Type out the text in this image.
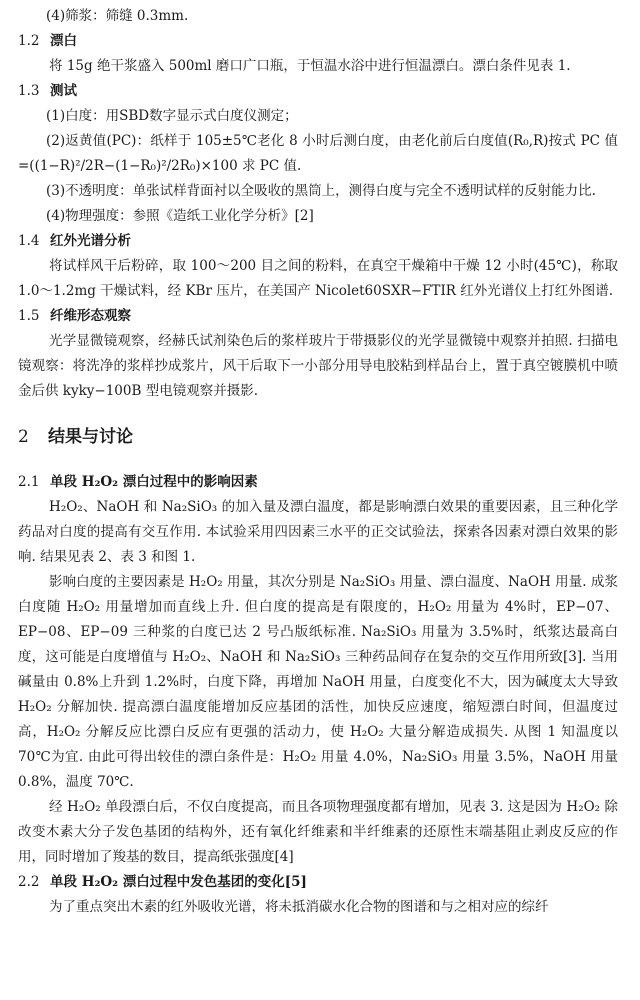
(4)筛浆：筛缝 0.3mm.

1.2 漂白

将 15g 绝干浆盛入 500ml 磨口广口瓶，于恒温水浴中进行恒温漂白。漂白条件见表 1.

1.3 测试

(1)白度：用SBD数字显示式白度仪测定；

(2)返黄值(PC)：纸样于 105±5℃老化 8 小时后测白度，由老化前后白度值(R₀,R)按式 PC 值=((1−R)²/2R−(1−R₀)²/2R₀)×100 求 PC 值.

(3)不透明度：单张试样背面衬以全吸收的黑筒上，测得白度与完全不透明试样的反射能力比.

(4)物理强度：参照《造纸工业化学分析》[2]

1.4 红外光谱分析

将试样风干后粉碎，取 100～200 目之间的粉料，在真空干燥箱中干燥 12 小时(45℃)，称取 1.0～1.2mg 干燥试料，经 KBr 压片，在美国产 Nicolet60SXR−FTIR 红外光谱仪上打红外图谱.

1.5 纤维形态观察

光学显微镜观察，经赫氏试剂染色后的浆样玻片于带摄影仪的光学显微镜中观察并拍照. 扫描电镜观察：将洗净的浆样抄成浆片，风干后取下一小部分用导电胶粘到样品台上，置于真空镀膜机中喷金后供 kyky−100B 型电镜观察并摄影.

2 结果与讨论
2.1 单段 H₂O₂ 漂白过程中的影响因素

H₂O₂、NaOH 和 Na₂SiO₃ 的加入量及漂白温度，都是影响漂白效果的重要因素，且三种化学药品对白度的提高有交互作用. 本试验采用四因素三水平的正交试验法，探索各因素对漂白效果的影响. 结果见表 2、表 3 和图 1.

影响白度的主要因素是 H₂O₂ 用量，其次分别是 Na₂SiO₃ 用量、漂白温度、NaOH 用量. 成浆白度随 H₂O₂ 用量增加而直线上升. 但白度的提高是有限度的，H₂O₂ 用量为 4%时，EP−07、EP−08、EP−09 三种浆的白度已达 2 号凸版纸标准. Na₂SiO₃ 用量为 3.5%时，纸浆达最高白度，这可能是白度增值与 H₂O₂、NaOH 和 Na₂SiO₃ 三种药品间存在复杂的交互作用所致[3]. 当用碱量由 0.8%上升到 1.2%时，白度下降，再增加 NaOH 用量，白度变化不大，因为碱度太大导致 H₂O₂ 分解加快. 提高漂白温度能增加反应基团的活性，加快反应速度，缩短漂白时间，但温度过高，H₂O₂ 分解反应比漂白反应有更强的活动力，使 H₂O₂ 大量分解造成损失. 从图 1 知温度以 70℃为宜. 由此可得出较佳的漂白条件是：H₂O₂ 用量 4.0%，Na₂SiO₃ 用量 3.5%，NaOH 用量 0.8%，温度 70℃.

经 H₂O₂ 单段漂白后，不仅白度提高，而且各项物理强度都有增加，见表 3. 这是因为 H₂O₂ 除改变木素大分子发色基团的结构外，还有氧化纤维素和半纤维素的还原性末端基阻止剥皮反应的作用，同时增加了羧基的数目，提高纸张强度[4]

2.2 单段 H₂O₂ 漂白过程中发色基团的变化[5]

为了重点突出木素的红外吸收光谱，将未抵消碳水化合物的图谱和与之相对应的综纤
